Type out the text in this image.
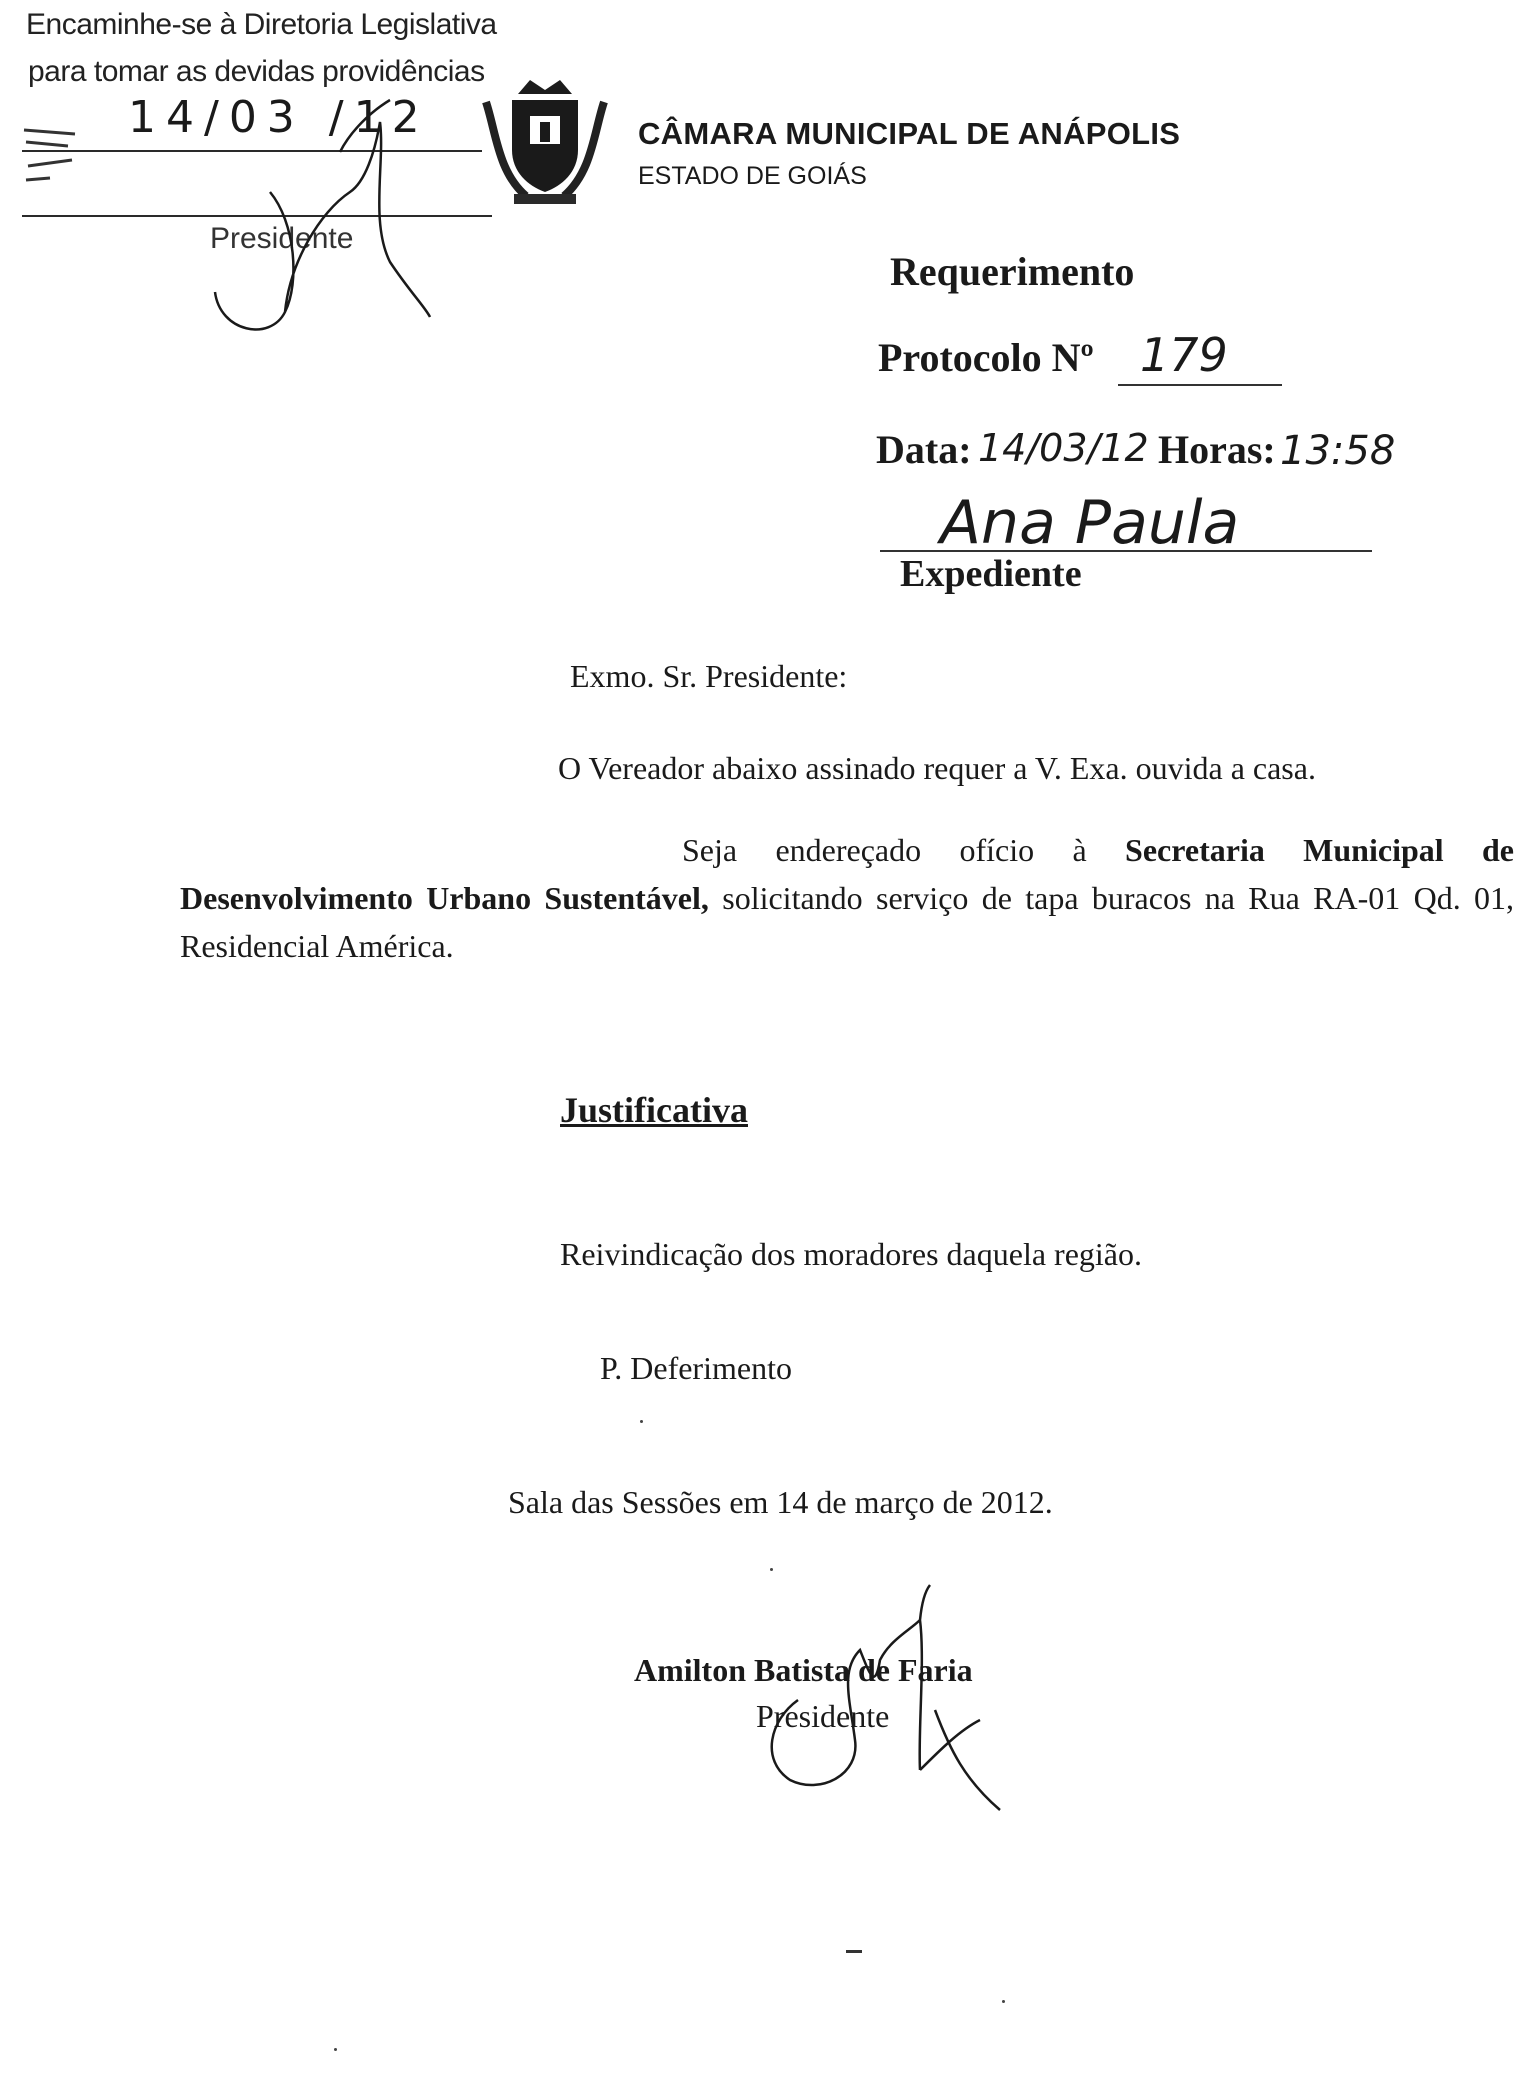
Encaminhe-se à Diretoria Legislativa
para tomar as devidas providências
14/03 /12
Presidente
CÂMARA MUNICIPAL DE ANÁPOLIS
ESTADO DE GOIÁS
Requerimento
Protocolo Nº 179
Data: 14/03/12 Horas: 13:58
Ana Paula
Expediente
Exmo. Sr. Presidente:
O Vereador abaixo assinado requer a V. Exa. ouvida a casa.
Seja endereçado ofício à Secretaria Municipal de Desenvolvimento Urbano Sustentável, solicitando serviço de tapa buracos na Rua RA-01 Qd. 01, Residencial América.
Justificativa
Reivindicação dos moradores daquela região.
P. Deferimento
Sala das Sessões em 14 de março de 2012.
Amilton Batista de Faria
Presidente
